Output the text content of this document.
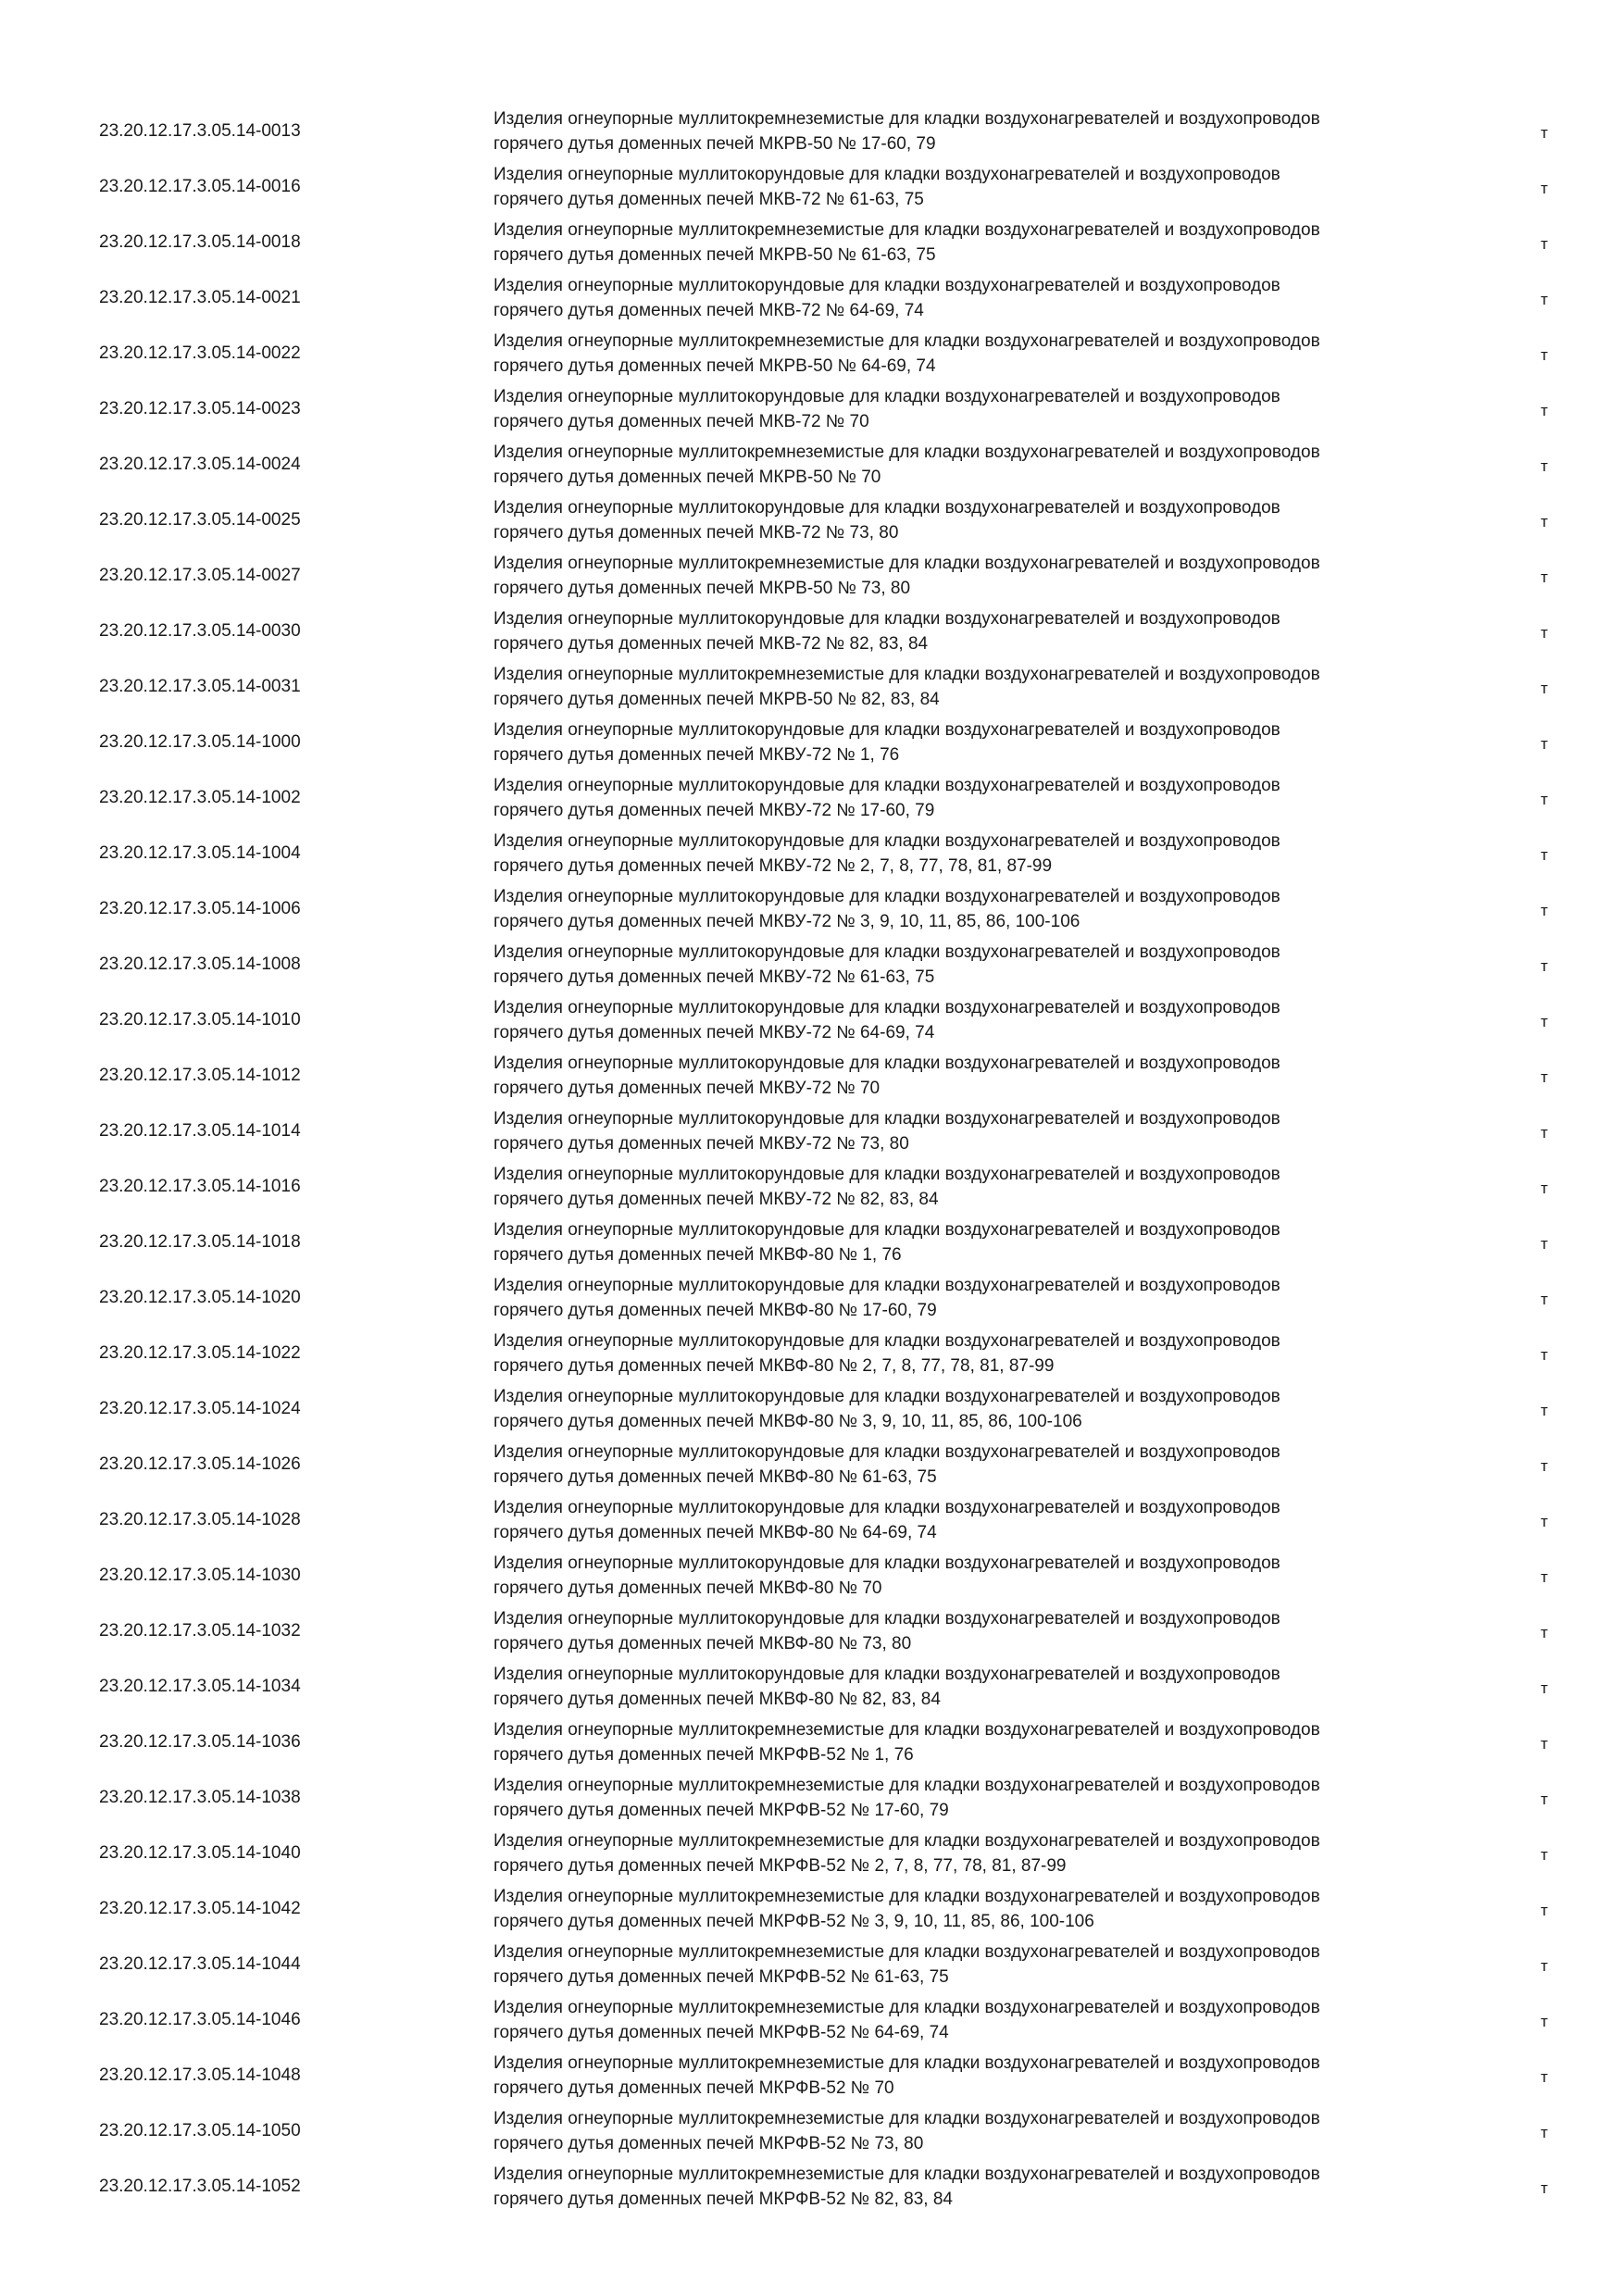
23.20.12.17.3.05.14-0013
Изделия огнеупорные муллитокремнеземистые для кладки воздухонагревателей и воздухопроводов
горячего дутья доменных печей МКРВ-50 № 17-60, 79
т
23.20.12.17.3.05.14-0016
Изделия огнеупорные муллитокорундовые для кладки воздухонагревателей и воздухопроводов
горячего дутья доменных печей МКВ-72 № 61-63, 75
т
23.20.12.17.3.05.14-0018
Изделия огнеупорные муллитокремнеземистые для кладки воздухонагревателей и воздухопроводов
горячего дутья доменных печей МКРВ-50 № 61-63, 75
т
23.20.12.17.3.05.14-0021
Изделия огнеупорные муллитокорундовые для кладки воздухонагревателей и воздухопроводов
горячего дутья доменных печей МКВ-72 № 64-69, 74
т
23.20.12.17.3.05.14-0022
Изделия огнеупорные муллитокремнеземистые для кладки воздухонагревателей и воздухопроводов
горячего дутья доменных печей МКРВ-50 № 64-69, 74
т
23.20.12.17.3.05.14-0023
Изделия огнеупорные муллитокорундовые для кладки воздухонагревателей и воздухопроводов
горячего дутья доменных печей МКВ-72 № 70
т
23.20.12.17.3.05.14-0024
Изделия огнеупорные муллитокремнеземистые для кладки воздухонагревателей и воздухопроводов
горячего дутья доменных печей МКРВ-50 № 70
т
23.20.12.17.3.05.14-0025
Изделия огнеупорные муллитокорундовые для кладки воздухонагревателей и воздухопроводов
горячего дутья доменных печей МКВ-72 № 73, 80
т
23.20.12.17.3.05.14-0027
Изделия огнеупорные муллитокремнеземистые для кладки воздухонагревателей и воздухопроводов
горячего дутья доменных печей МКРВ-50 № 73, 80
т
23.20.12.17.3.05.14-0030
Изделия огнеупорные муллитокорундовые для кладки воздухонагревателей и воздухопроводов
горячего дутья доменных печей МКВ-72 № 82, 83, 84
т
23.20.12.17.3.05.14-0031
Изделия огнеупорные муллитокремнеземистые для кладки воздухонагревателей и воздухопроводов
горячего дутья доменных печей МКРВ-50 № 82, 83, 84
т
23.20.12.17.3.05.14-1000
Изделия огнеупорные муллитокорундовые для кладки воздухонагревателей и воздухопроводов
горячего дутья доменных печей МКВУ-72 № 1, 76
т
23.20.12.17.3.05.14-1002
Изделия огнеупорные муллитокорундовые для кладки воздухонагревателей и воздухопроводов
горячего дутья доменных печей МКВУ-72 № 17-60, 79
т
23.20.12.17.3.05.14-1004
Изделия огнеупорные муллитокорундовые для кладки воздухонагревателей и воздухопроводов
горячего дутья доменных печей МКВУ-72 № 2, 7, 8, 77, 78, 81, 87-99
т
23.20.12.17.3.05.14-1006
Изделия огнеупорные муллитокорундовые для кладки воздухонагревателей и воздухопроводов
горячего дутья доменных печей МКВУ-72 № 3, 9, 10, 11, 85, 86, 100-106
т
23.20.12.17.3.05.14-1008
Изделия огнеупорные муллитокорундовые для кладки воздухонагревателей и воздухопроводов
горячего дутья доменных печей МКВУ-72 № 61-63, 75
т
23.20.12.17.3.05.14-1010
Изделия огнеупорные муллитокорундовые для кладки воздухонагревателей и воздухопроводов
горячего дутья доменных печей МКВУ-72 № 64-69, 74
т
23.20.12.17.3.05.14-1012
Изделия огнеупорные муллитокорундовые для кладки воздухонагревателей и воздухопроводов
горячего дутья доменных печей МКВУ-72 № 70
т
23.20.12.17.3.05.14-1014
Изделия огнеупорные муллитокорундовые для кладки воздухонагревателей и воздухопроводов
горячего дутья доменных печей МКВУ-72 № 73, 80
т
23.20.12.17.3.05.14-1016
Изделия огнеупорные муллитокорундовые для кладки воздухонагревателей и воздухопроводов
горячего дутья доменных печей МКВУ-72 № 82, 83, 84
т
23.20.12.17.3.05.14-1018
Изделия огнеупорные муллитокорундовые для кладки воздухонагревателей и воздухопроводов
горячего дутья доменных печей МКВФ-80 № 1, 76
т
23.20.12.17.3.05.14-1020
Изделия огнеупорные муллитокорундовые для кладки воздухонагревателей и воздухопроводов
горячего дутья доменных печей МКВФ-80 № 17-60, 79
т
23.20.12.17.3.05.14-1022
Изделия огнеупорные муллитокорундовые для кладки воздухонагревателей и воздухопроводов
горячего дутья доменных печей МКВФ-80 № 2, 7, 8, 77, 78, 81, 87-99
т
23.20.12.17.3.05.14-1024
Изделия огнеупорные муллитокорундовые для кладки воздухонагревателей и воздухопроводов
горячего дутья доменных печей МКВФ-80 № 3, 9, 10, 11, 85, 86, 100-106
т
23.20.12.17.3.05.14-1026
Изделия огнеупорные муллитокорундовые для кладки воздухонагревателей и воздухопроводов
горячего дутья доменных печей МКВФ-80 № 61-63, 75
т
23.20.12.17.3.05.14-1028
Изделия огнеупорные муллитокорундовые для кладки воздухонагревателей и воздухопроводов
горячего дутья доменных печей МКВФ-80 № 64-69, 74
т
23.20.12.17.3.05.14-1030
Изделия огнеупорные муллитокорундовые для кладки воздухонагревателей и воздухопроводов
горячего дутья доменных печей МКВФ-80 № 70
т
23.20.12.17.3.05.14-1032
Изделия огнеупорные муллитокорундовые для кладки воздухонагревателей и воздухопроводов
горячего дутья доменных печей МКВФ-80 № 73, 80
т
23.20.12.17.3.05.14-1034
Изделия огнеупорные муллитокорундовые для кладки воздухонагревателей и воздухопроводов
горячего дутья доменных печей МКВФ-80 № 82, 83, 84
т
23.20.12.17.3.05.14-1036
Изделия огнеупорные муллитокремнеземистые для кладки воздухонагревателей и воздухопроводов
горячего дутья доменных печей МКРФВ-52 № 1, 76
т
23.20.12.17.3.05.14-1038
Изделия огнеупорные муллитокремнеземистые для кладки воздухонагревателей и воздухопроводов
горячего дутья доменных печей МКРФВ-52 № 17-60, 79
т
23.20.12.17.3.05.14-1040
Изделия огнеупорные муллитокремнеземистые для кладки воздухонагревателей и воздухопроводов
горячего дутья доменных печей МКРФВ-52 № 2, 7, 8, 77, 78, 81, 87-99
т
23.20.12.17.3.05.14-1042
Изделия огнеупорные муллитокремнеземистые для кладки воздухонагревателей и воздухопроводов
горячего дутья доменных печей МКРФВ-52 № 3, 9, 10, 11, 85, 86, 100-106
т
23.20.12.17.3.05.14-1044
Изделия огнеупорные муллитокремнеземистые для кладки воздухонагревателей и воздухопроводов
горячего дутья доменных печей МКРФВ-52 № 61-63, 75
т
23.20.12.17.3.05.14-1046
Изделия огнеупорные муллитокремнеземистые для кладки воздухонагревателей и воздухопроводов
горячего дутья доменных печей МКРФВ-52 № 64-69, 74
т
23.20.12.17.3.05.14-1048
Изделия огнеупорные муллитокремнеземистые для кладки воздухонагревателей и воздухопроводов
горячего дутья доменных печей МКРФВ-52 № 70
т
23.20.12.17.3.05.14-1050
Изделия огнеупорные муллитокремнеземистые для кладки воздухонагревателей и воздухопроводов
горячего дутья доменных печей МКРФВ-52 № 73, 80
т
23.20.12.17.3.05.14-1052
Изделия огнеупорные муллитокремнеземистые для кладки воздухонагревателей и воздухопроводов
горячего дутья доменных печей МКРФВ-52 № 82, 83, 84
т
